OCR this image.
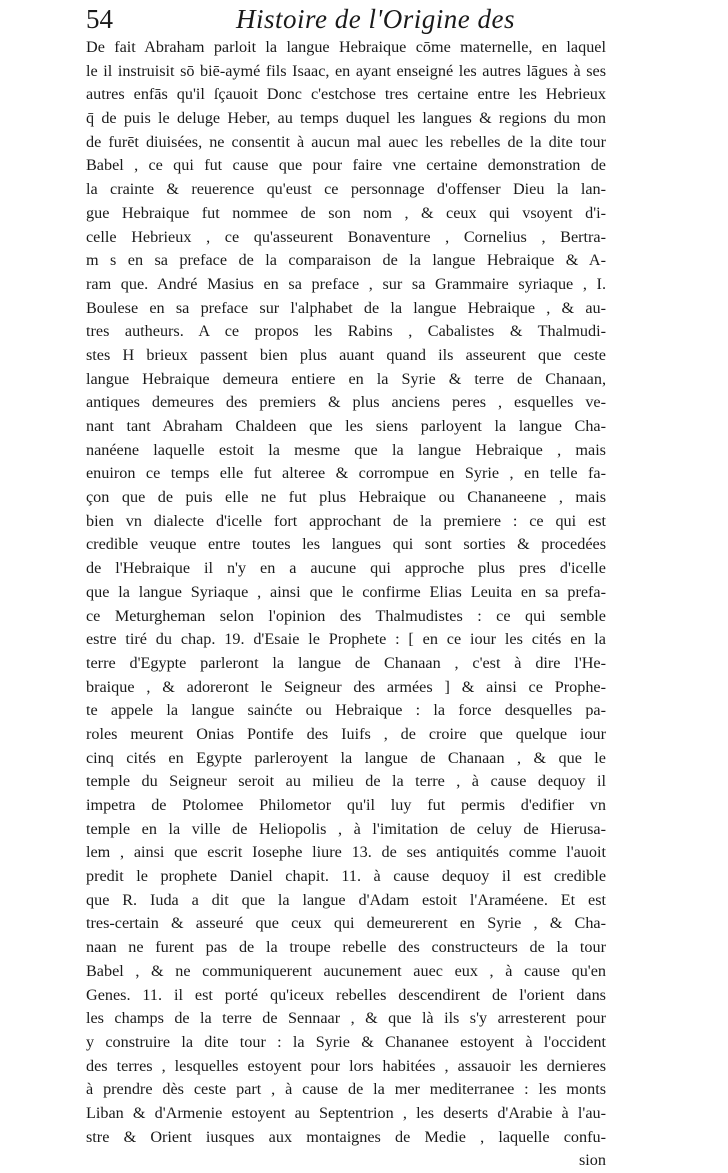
54	Histoire de l'Origine des
De fait Abraham parloit la langue Hebraique cōme maternelle, en laquel
le il instruisit sō biē-aymé fils Isaac, en ayant enseigné les autres lāgues à ses
autres enfās qu'il ſçauoit Donc c'estchose tres certaine entre les Hebrieux
q̄ de puis le deluge Heber, au temps duquel les langues & regions du mon
de furēt diuisées, ne consentit à aucun mal auec les rebelles de la dite tour
Babel , ce qui fut cause que pour faire vne certaine demonstration de
la crainte & reuerence qu'eust ce personnage d'offenser Dieu la lan-
gue Hebraique fut nommee de son nom , & ceux qui vsoyent d'i-
celle Hebrieux , ce qu'asseurent Bonaventure , Cornelius , Bertra-
m s en sa preface de la comparaison de la langue Hebraique & A-
ram que. André Masius en sa preface , sur sa Grammaire syriaque , I.
Boulese en sa preface sur l'alphabet de la langue Hebraique , & au-
tres autheurs. A ce propos les Rabins , Cabalistes & Thalmudi-
stes H brieux passent bien plus auant quand ils asseurent que ceste
langue Hebraique demeura entiere en la Syrie & terre de Chanaan,
antiques demeures des premiers & plus anciens peres , esquelles ve-
nant tant Abraham Chaldeen que les siens parloyent la langue Cha-
nanéene laquelle estoit la mesme que la langue Hebraique , mais
enuiron ce temps elle fut alteree & corrompue en Syrie , en telle fa-
çon que de puis elle ne fut plus Hebraique ou Chananeene , mais
bien vn dialecte d'icelle fort approchant de la premiere : ce qui est
credible veuque entre toutes les langues qui sont sorties & procedées
de l'Hebraique il n'y en a aucune qui approche plus pres d'icelle
que la langue Syriaque , ainsi que le confirme Elias Leuita en sa prefa-
ce Meturgheman selon l'opinion des Thalmudistes : ce qui semble
estre tiré du chap. 19. d'Esaie le Prophete : [ en ce iour les cités en la
terre d'Egypte parleront la langue de Chanaan , c'est à dire l'He-
braique , & adoreront le Seigneur des armées ] & ainsi ce Prophe-
te appele la langue sainćte ou Hebraique : la force desquelles pa-
roles meurent Onias Pontife des Iuifs , de croire que quelque iour
cinq cités en Egypte parleroyent la langue de Chanaan , & que le
temple du Seigneur seroit au milieu de la terre , à cause dequoy il
impetra de Ptolomee Philometor qu'il luy fut permis d'edifier vn
temple en la ville de Heliopolis , à l'imitation de celuy de Hierusa-
lem , ainsi que escrit Iosephe liure 13. de ses antiquités comme l'auoit
predit le prophete Daniel chapit. 11. à cause dequoy il est credible
que R. Iuda a dit que la langue d'Adam estoit l'Araméene. Et est
tres-certain & asseuré que ceux qui demeurerent en Syrie , & Cha-
naan ne furent pas de la troupe rebelle des constructeurs de la tour
Babel , & ne communiquerent aucunement auec eux , à cause qu'en
Genes. 11. il est porté qu'iceux rebelles descendirent de l'orient dans
les champs de la terre de Sennaar , & que là ils s'y arresterent pour
y construire la dite tour : la Syrie & Chananee estoyent à l'occident
des terres , lesquelles estoyent pour lors habitées , assauoir les dernieres
à prendre dès ceste part , à cause de la mer mediterranee : les monts
Liban & d'Armenie estoyent au Septentrion , les deserts d'Arabie à l'au-
stre & Orient iusques aux montaignes de Medie , laquelle confu-
sion
